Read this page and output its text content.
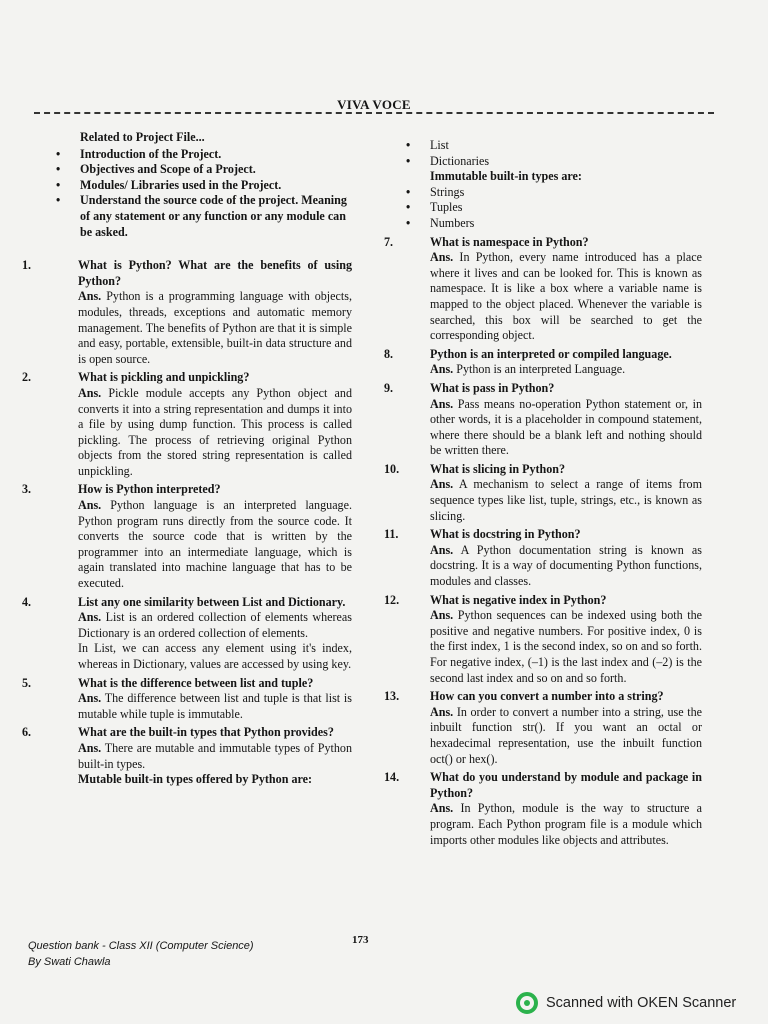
VIVA VOCE
Related to Project File...
• Introduction of the Project.
• Objectives and Scope of a Project.
• Modules/ Libraries used in the Project.
• Understand the source code of the project. Meaning of any statement or any function or any module can be asked.
1.	What is Python? What are the benefits of using Python?
Ans. Python is a programming language with objects, modules, threads, exceptions and automatic memory management. The benefits of Python are that it is simple and easy, portable, extensible, built-in data structure and is open source.
2.	What is pickling and unpickling?
Ans. Pickle module accepts any Python object and converts it into a string representation and dumps it into a file by using dump function. This process is called pickling. The process of retrieving original Python objects from the stored string representation is called unpickling.
3.	How is Python interpreted?
Ans. Python language is an interpreted language. Python program runs directly from the source code. It converts the source code that is written by the programmer into an intermediate language, which is again translated into machine language that has to be executed.
4.	List any one similarity between List and Dictionary.
Ans. List is an ordered collection of elements whereas Dictionary is an ordered collection of elements.
In List, we can access any element using it's index, whereas in Dictionary, values are accessed by using key.
5.	What is the difference between list and tuple?
Ans. The difference between list and tuple is that list is mutable while tuple is immutable.
6.	What are the built-in types that Python provides?
Ans. There are mutable and immutable types of Python built-in types.
Mutable built-in types offered by Python are:
• List
• Dictionaries
Immutable built-in types are:
• Strings
• Tuples
• Numbers
7.	What is namespace in Python?
Ans. In Python, every name introduced has a place where it lives and can be looked for. This is known as namespace. It is like a box where a variable name is mapped to the object placed. Whenever the variable is searched, this box will be searched to get the corresponding object.
8.	Python is an interpreted or compiled language.
Ans. Python is an interpreted Language.
9.	What is pass in Python?
Ans. Pass means no-operation Python statement or, in other words, it is a placeholder in compound statement, where there should be a blank left and nothing should be written there.
10.	What is slicing in Python?
Ans. A mechanism to select a range of items from sequence types like list, tuple, strings, etc., is known as slicing.
11.	What is docstring in Python?
Ans. A Python documentation string is known as docstring. It is a way of documenting Python functions, modules and classes.
12.	What is negative index in Python?
Ans. Python sequences can be indexed using both the positive and negative numbers. For positive index, 0 is the first index, 1 is the second index, so on and so forth. For negative index, (–1) is the last index and (–2) is the second last index and so on and so forth.
13.	How can you convert a number into a string?
Ans. In order to convert a number into a string, use the inbuilt function str(). If you want an octal or hexadecimal representation, use the inbuilt function oct() or hex().
14.	What do you understand by module and package in Python?
Ans. In Python, module is the way to structure a program. Each Python program file is a module which imports other modules like objects and attributes.
Question bank - Class XII (Computer Science)
By Swati Chawla
173
Scanned with OKEN Scanner
